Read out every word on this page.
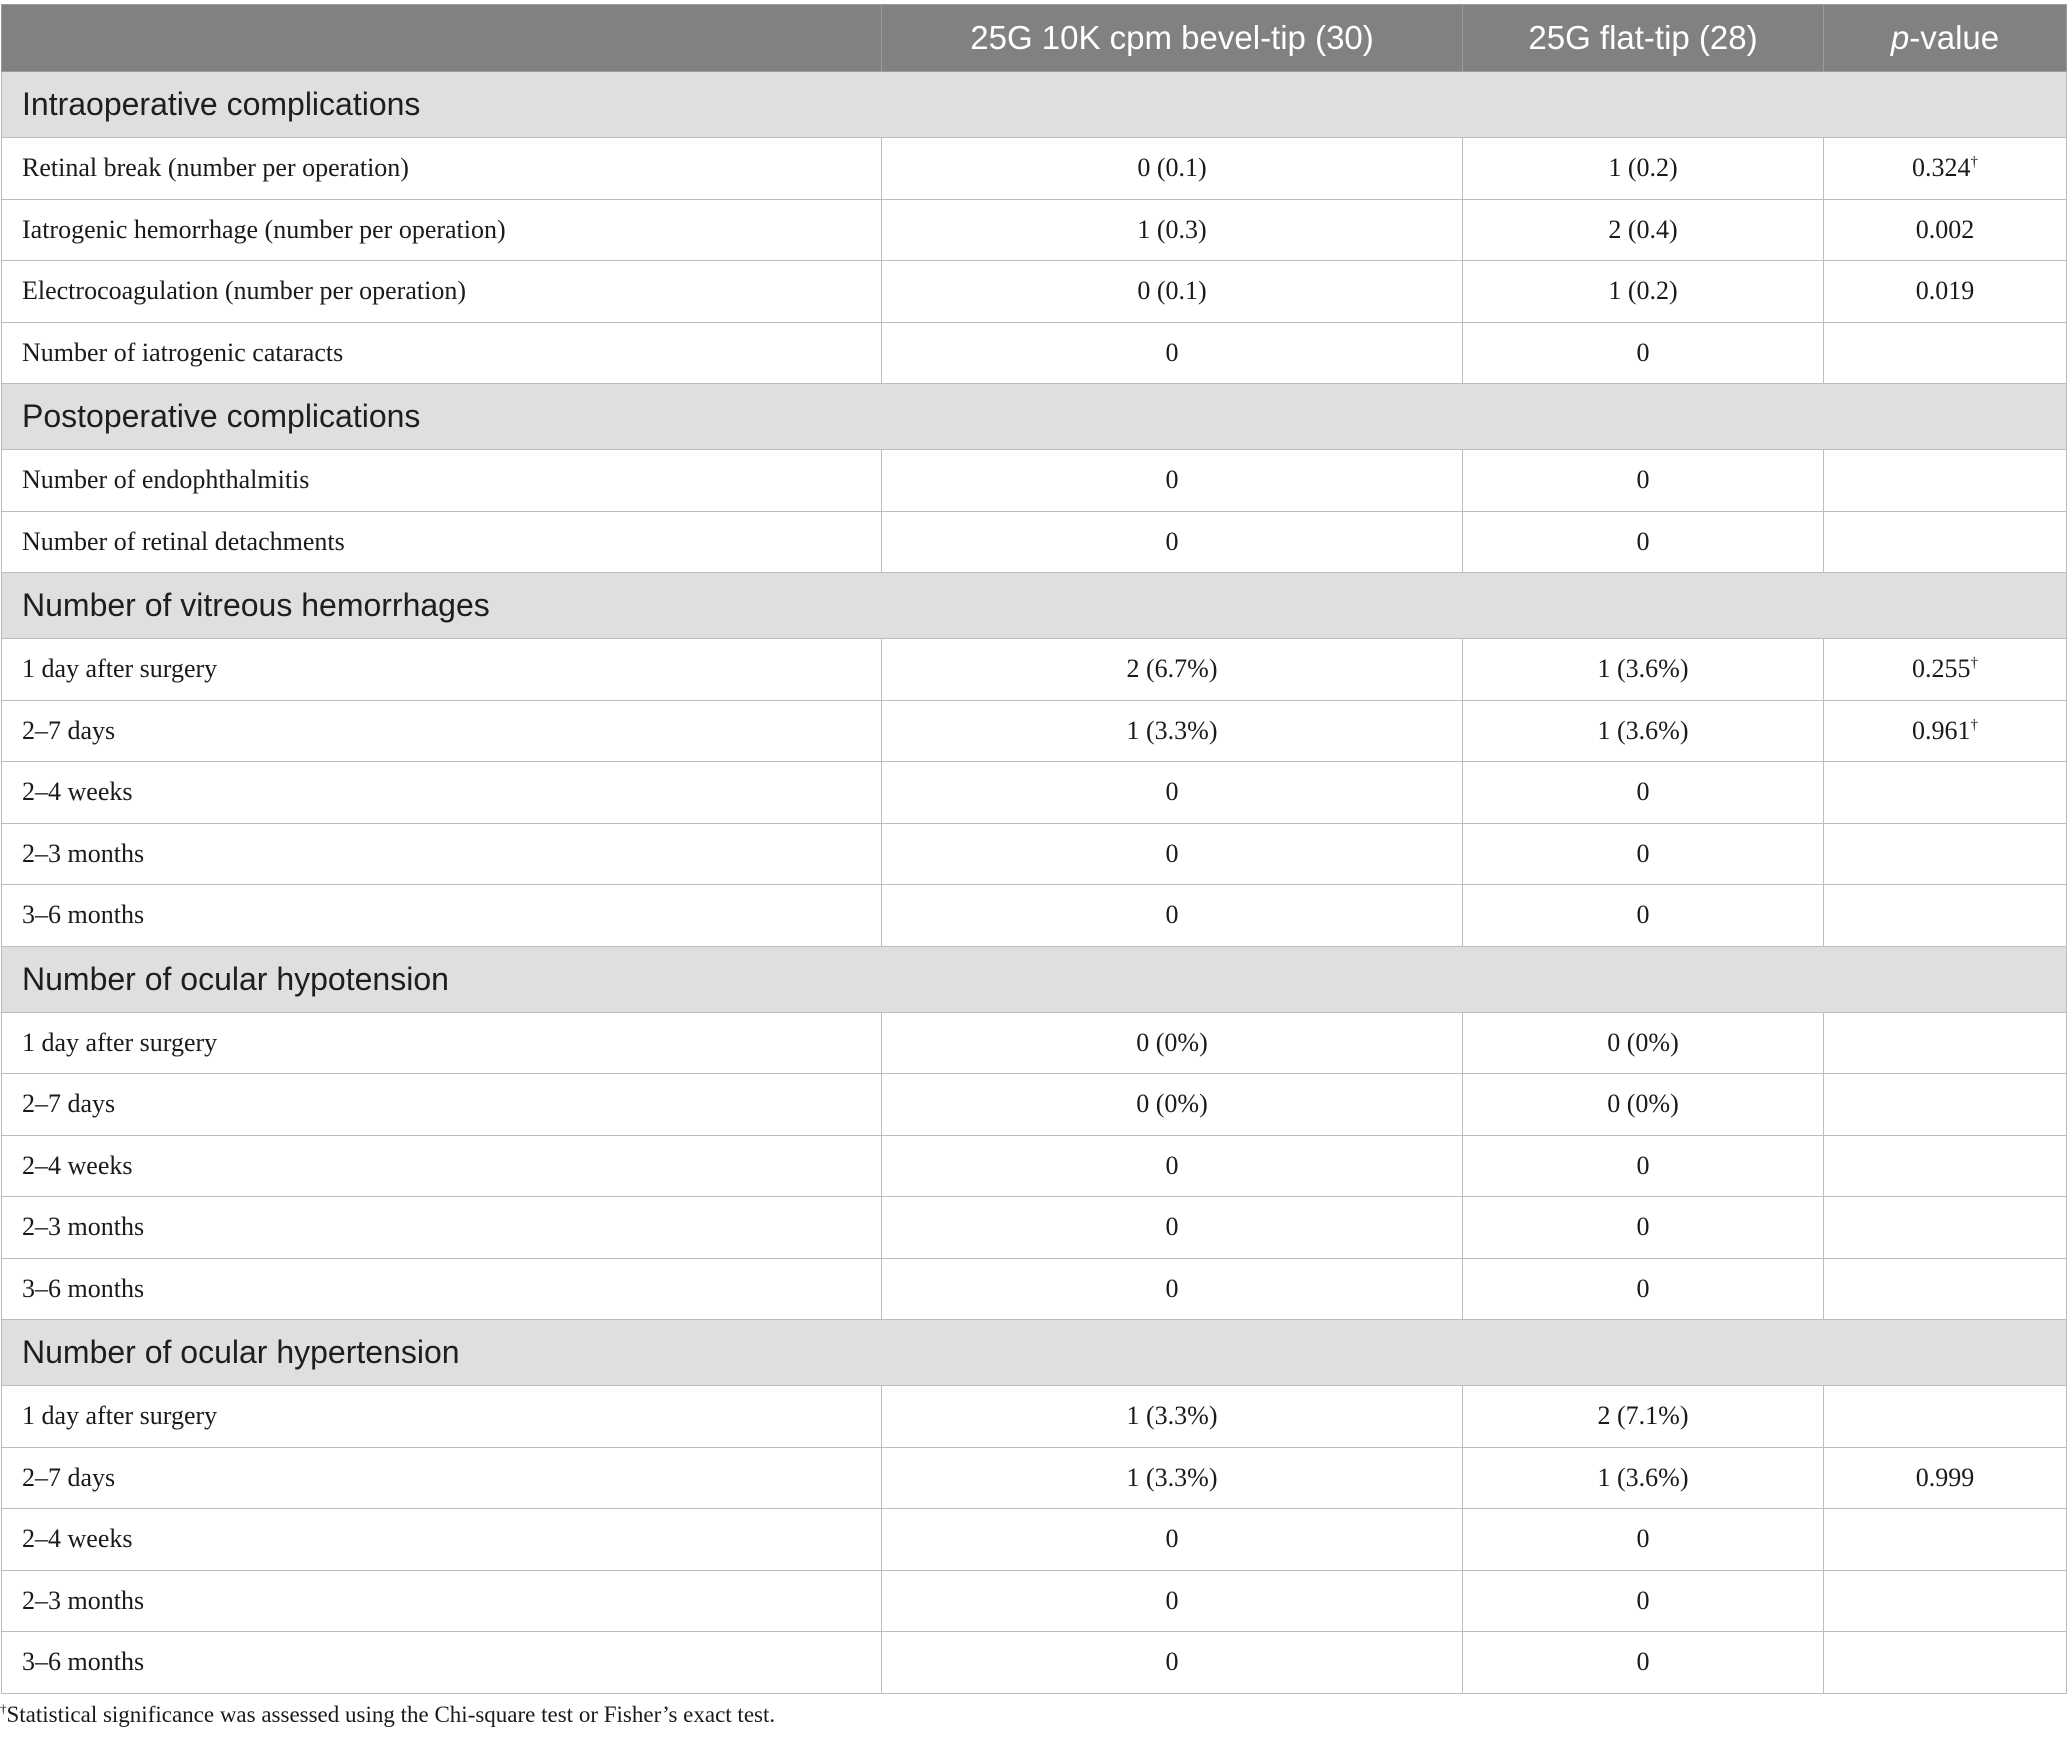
	25G 10K cpm bevel-tip (30)	25G flat-tip (28)	p-value
Intraoperative complications			
Retinal break (number per operation)	0 (0.1)	1 (0.2)	0.324†
Iatrogenic hemorrhage (number per operation)	1 (0.3)	2 (0.4)	0.002
Electrocoagulation (number per operation)	0 (0.1)	1 (0.2)	0.019
Number of iatrogenic cataracts	0	0	
Postoperative complications			
Number of endophthalmitis	0	0	
Number of retinal detachments	0	0	
Number of vitreous hemorrhages			
1 day after surgery	2 (6.7%)	1 (3.6%)	0.255†
2–7 days	1 (3.3%)	1 (3.6%)	0.961†
2–4 weeks	0	0	
2–3 months	0	0	
3–6 months	0	0	
Number of ocular hypotension			
1 day after surgery	0 (0%)	0 (0%)	
2–7 days	0 (0%)	0 (0%)	
2–4 weeks	0	0	
2–3 months	0	0	
3–6 months	0	0	
Number of ocular hypertension			
1 day after surgery	1 (3.3%)	2 (7.1%)	
2–7 days	1 (3.3%)	1 (3.6%)	0.999
2–4 weeks	0	0	
2–3 months	0	0	
3–6 months	0	0	
†Statistical significance was assessed using the Chi-square test or Fisher’s exact test.
